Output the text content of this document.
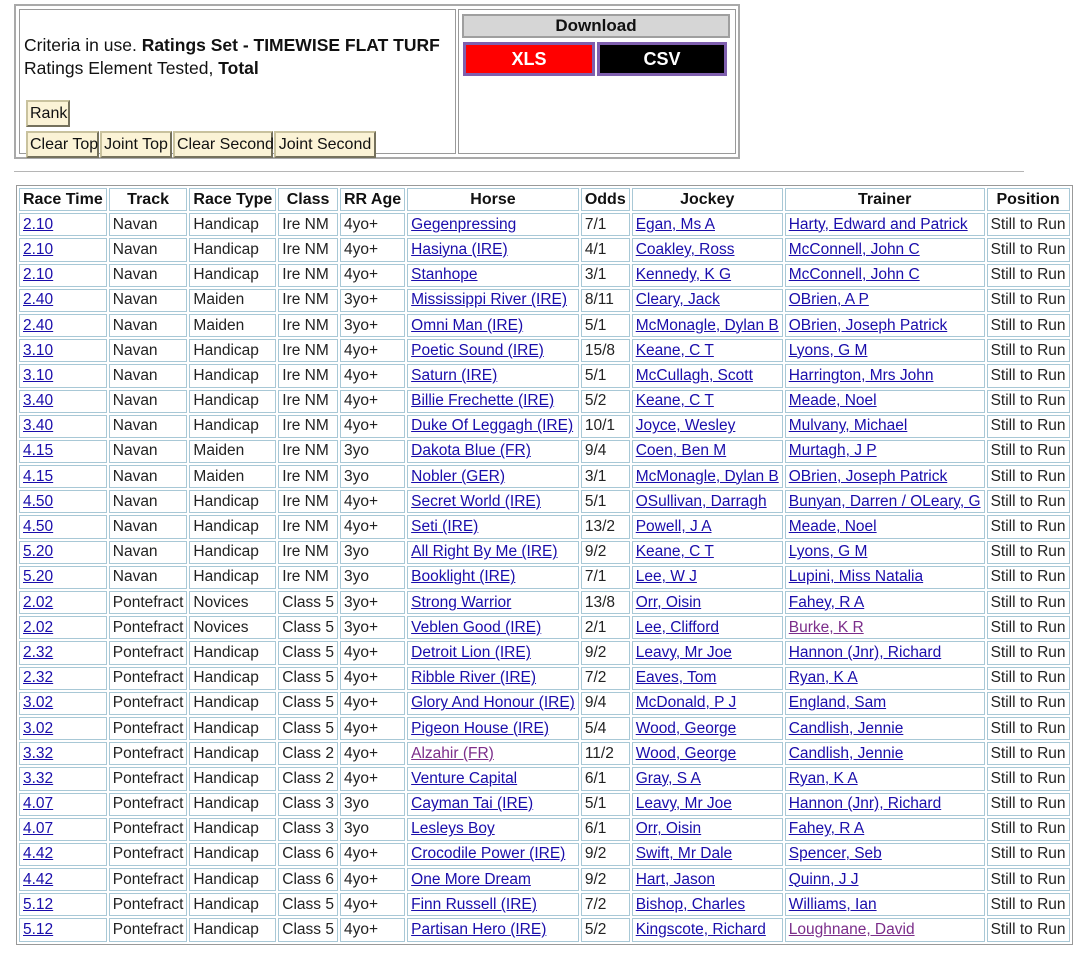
Criteria in use. Ratings Set - TIMEWISE FLAT TURF
Ratings Element Tested, Total
Rank
Clear Top Joint Top Clear Second Joint Second
Download
XLS	CSV
Race Time	Track	Race Type	Class	RR Age	Horse	Odds	Jockey	Trainer	Position
2.10	Navan	Handicap	Ire NM	4yo+	Gegenpressing	7/1	Egan, Ms A	Harty, Edward and Patrick	Still to Run
2.10	Navan	Handicap	Ire NM	4yo+	Hasiyna (IRE)	4/1	Coakley, Ross	McConnell, John C	Still to Run
2.10	Navan	Handicap	Ire NM	4yo+	Stanhope	3/1	Kennedy, K G	McConnell, John C	Still to Run
2.40	Navan	Maiden	Ire NM	3yo+	Mississippi River (IRE)	8/11	Cleary, Jack	OBrien, A P	Still to Run
2.40	Navan	Maiden	Ire NM	3yo+	Omni Man (IRE)	5/1	McMonagle, Dylan B	OBrien, Joseph Patrick	Still to Run
3.10	Navan	Handicap	Ire NM	4yo+	Poetic Sound (IRE)	15/8	Keane, C T	Lyons, G M	Still to Run
3.10	Navan	Handicap	Ire NM	4yo+	Saturn (IRE)	5/1	McCullagh, Scott	Harrington, Mrs John	Still to Run
3.40	Navan	Handicap	Ire NM	4yo+	Billie Frechette (IRE)	5/2	Keane, C T	Meade, Noel	Still to Run
3.40	Navan	Handicap	Ire NM	4yo+	Duke Of Leggagh (IRE)	10/1	Joyce, Wesley	Mulvany, Michael	Still to Run
4.15	Navan	Maiden	Ire NM	3yo	Dakota Blue (FR)	9/4	Coen, Ben M	Murtagh, J P	Still to Run
4.15	Navan	Maiden	Ire NM	3yo	Nobler (GER)	3/1	McMonagle, Dylan B	OBrien, Joseph Patrick	Still to Run
4.50	Navan	Handicap	Ire NM	4yo+	Secret World (IRE)	5/1	OSullivan, Darragh	Bunyan, Darren / OLeary, G	Still to Run
4.50	Navan	Handicap	Ire NM	4yo+	Seti (IRE)	13/2	Powell, J A	Meade, Noel	Still to Run
5.20	Navan	Handicap	Ire NM	3yo	All Right By Me (IRE)	9/2	Keane, C T	Lyons, G M	Still to Run
5.20	Navan	Handicap	Ire NM	3yo	Booklight (IRE)	7/1	Lee, W J	Lupini, Miss Natalia	Still to Run
2.02	Pontefract	Novices	Class 5	3yo+	Strong Warrior	13/8	Orr, Oisin	Fahey, R A	Still to Run
2.02	Pontefract	Novices	Class 5	3yo+	Veblen Good (IRE)	2/1	Lee, Clifford	Burke, K R	Still to Run
2.32	Pontefract	Handicap	Class 5	4yo+	Detroit Lion (IRE)	9/2	Leavy, Mr Joe	Hannon (Jnr), Richard	Still to Run
2.32	Pontefract	Handicap	Class 5	4yo+	Ribble River (IRE)	7/2	Eaves, Tom	Ryan, K A	Still to Run
3.02	Pontefract	Handicap	Class 5	4yo+	Glory And Honour (IRE)	9/4	McDonald, P J	England, Sam	Still to Run
3.02	Pontefract	Handicap	Class 5	4yo+	Pigeon House (IRE)	5/4	Wood, George	Candlish, Jennie	Still to Run
3.32	Pontefract	Handicap	Class 2	4yo+	Alzahir (FR)	11/2	Wood, George	Candlish, Jennie	Still to Run
3.32	Pontefract	Handicap	Class 2	4yo+	Venture Capital	6/1	Gray, S A	Ryan, K A	Still to Run
4.07	Pontefract	Handicap	Class 3	3yo	Cayman Tai (IRE)	5/1	Leavy, Mr Joe	Hannon (Jnr), Richard	Still to Run
4.07	Pontefract	Handicap	Class 3	3yo	Lesleys Boy	6/1	Orr, Oisin	Fahey, R A	Still to Run
4.42	Pontefract	Handicap	Class 6	4yo+	Crocodile Power (IRE)	9/2	Swift, Mr Dale	Spencer, Seb	Still to Run
4.42	Pontefract	Handicap	Class 6	4yo+	One More Dream	9/2	Hart, Jason	Quinn, J J	Still to Run
5.12	Pontefract	Handicap	Class 5	4yo+	Finn Russell (IRE)	7/2	Bishop, Charles	Williams, Ian	Still to Run
5.12	Pontefract	Handicap	Class 5	4yo+	Partisan Hero (IRE)	5/2	Kingscote, Richard	Loughnane, David	Still to Run
